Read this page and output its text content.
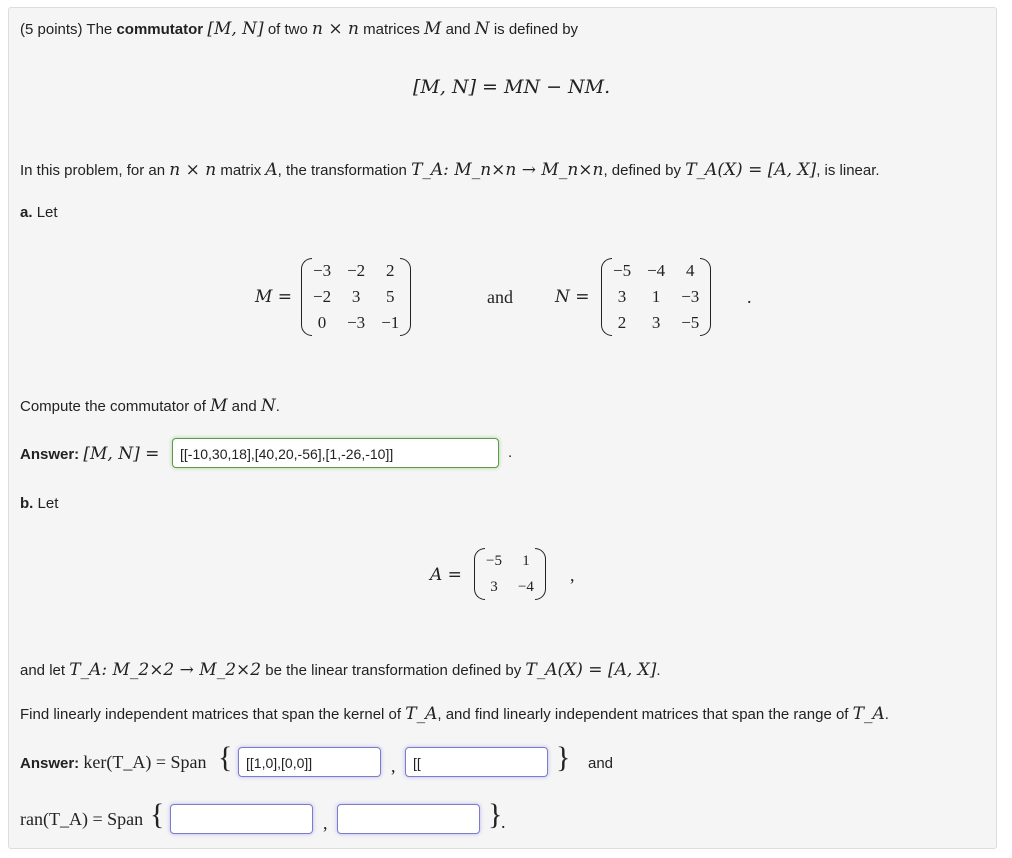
(5 points) The commutator [M, N] of two n × n matrices M and N is defined by
[M, N] = MN − NM.
In this problem, for an n × n matrix A, the transformation T_A: M_n×n → M_n×n, defined by T_A(X) = [A, X], is linear.
a. Let
M =
−3	−2	2
−2	3	5
0	−3	−1
and N =
−5	−4	4
3	1	−3
2	3	−5
.
Compute the commutator of M and N.
Answer: [M, N] =	[[-10,30,18],[40,20,-56],[1,-26,-10]]	.
b. Let
A =
−5	1
3	−4
,
and let T_A: M_2×2 → M_2×2 be the linear transformation defined by T_A(X) = [A, X].
Find linearly independent matrices that span the kernel of T_A, and find linearly independent matrices that span the range of T_A.
Answer: ker(T_A) = Span { [[1,0],[0,0]]	,	[[	} and
ran(T_A) = Span {	,	}
.
